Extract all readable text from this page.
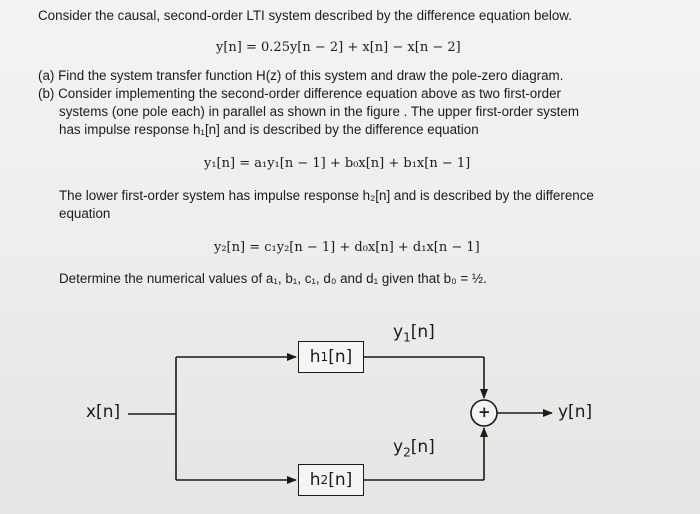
Consider the causal, second-order LTI system described by the difference equation below.
y[n] = 0.25y[n − 2] + x[n] − x[n − 2]
(a) Find the system transfer function H(z) of this system and draw the pole-zero diagram.
(b) Consider implementing the second-order difference equation above as two first-order
systems (one pole each) in parallel as shown in the figure . The upper first-order system
has impulse response h₁[n] and is described by the difference equation
y₁[n] = a₁y₁[n − 1] + b₀x[n] + b₁x[n − 1]
The lower first-order system has impulse response h₂[n] and is described by the difference
equation
y₂[n] = c₁y₂[n − 1] + d₀x[n] + d₁x[n − 1]
Determine the numerical values of a₁, b₁, c₁, d₀ and d₁ given that b₀ = ½.
x[n]	y[n]
+
$y_1[n]$
$y_2[n]$
h 1 [n]
h 2 [n]
